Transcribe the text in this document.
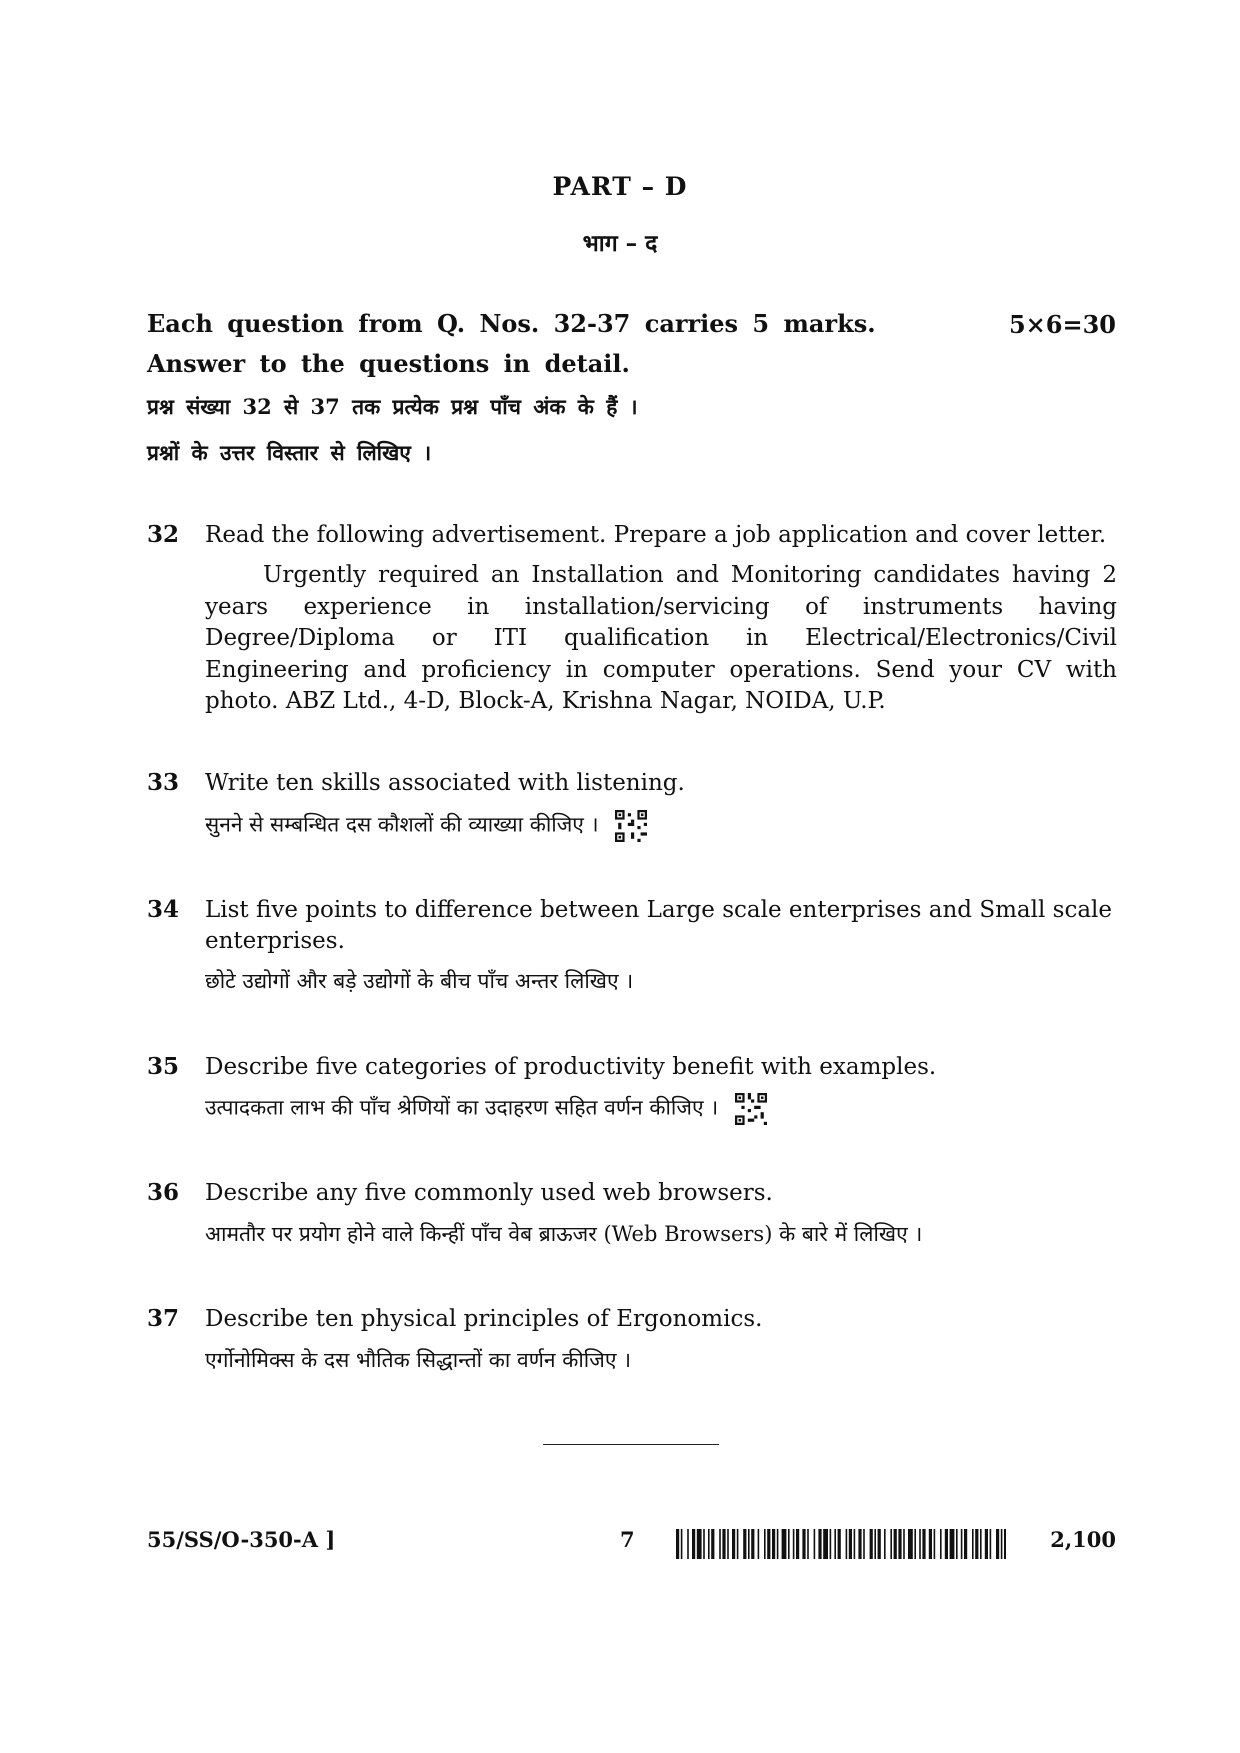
PART – D
भाग – द
Each question from Q. Nos. 32-37 carries 5 marks.	5×6=30
Answer to the questions in detail.
प्रश्न संख्या 32 से 37 तक प्रत्येक प्रश्न पाँच अंक के हैं ।
प्रश्नों के उत्तर विस्तार से लिखिए ।
32 Read the following advertisement. Prepare a job application and cover letter.
Urgently required an Installation and Monitoring candidates having 2 years experience in installation/servicing of instruments having Degree/Diploma or ITI qualification in Electrical/Electronics/Civil Engineering and proficiency in computer operations. Send your CV with photo. ABZ Ltd., 4-D, Block-A, Krishna Nagar, NOIDA, U.P.
33 Write ten skills associated with listening.
सुनने से सम्बन्धित दस कौशलों की व्याख्या कीजिए ।
34 List five points to difference between Large scale enterprises and Small scale enterprises.
छोटे उद्योगों और बड़े उद्योगों के बीच पाँच अन्तर लिखिए ।
35 Describe five categories of productivity benefit with examples.
उत्पादकता लाभ की पाँच श्रेणियों का उदाहरण सहित वर्णन कीजिए ।
36 Describe any five commonly used web browsers.
आमतौर पर प्रयोग होने वाले किन्हीं पाँच वेब ब्राऊजर (Web Browsers) के बारे में लिखिए ।
37 Describe ten physical principles of Ergonomics.
एर्गोनोमिक्स के दस भौतिक सिद्धान्तों का वर्णन कीजिए ।
55/SS/O-350-A ]	7	2,100
